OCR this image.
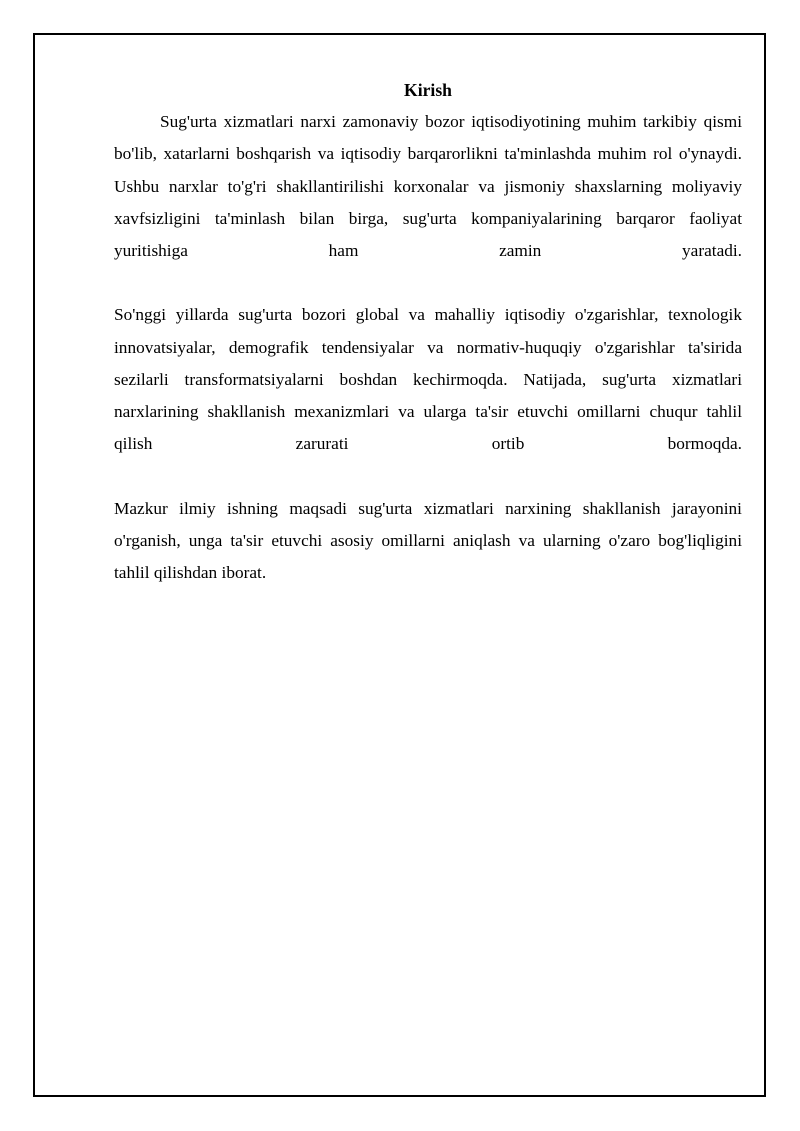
Kirish

Sug'urta xizmatlari narxi zamonaviy bozor iqtisodiyotining muhim tarkibiy qismi bo'lib, xatarlarni boshqarish va iqtisodiy barqarorlikni ta'minlashda muhim rol o'ynaydi. Ushbu narxlar to'g'ri shakllantirilishi korxonalar va jismoniy shaxslarning moliyaviy xavfsizligini ta'minlash bilan birga, sug'urta kompaniyalarining barqaror faoliyat yuritishiga ham zamin yaratadi.

So'nggi yillarda sug'urta bozori global va mahalliy iqtisodiy o'zgarishlar, texnologik innovatsiyalar, demografik tendensiyalar va normativ-huquqiy o'zgarishlar ta'sirida sezilarli transformatsiyalarni boshdan kechirmoqda. Natijada, sug'urta xizmatlari narxlarining shakllanish mexanizmlari va ularga ta'sir etuvchi omillarni chuqur tahlil qilish zarurati ortib bormoqda.

Mazkur ilmiy ishning maqsadi sug'urta xizmatlari narxining shakllanish jarayonini o'rganish, unga ta'sir etuvchi asosiy omillarni aniqlash va ularning o'zaro bog'liqligini tahlil qilishdan iborat.
